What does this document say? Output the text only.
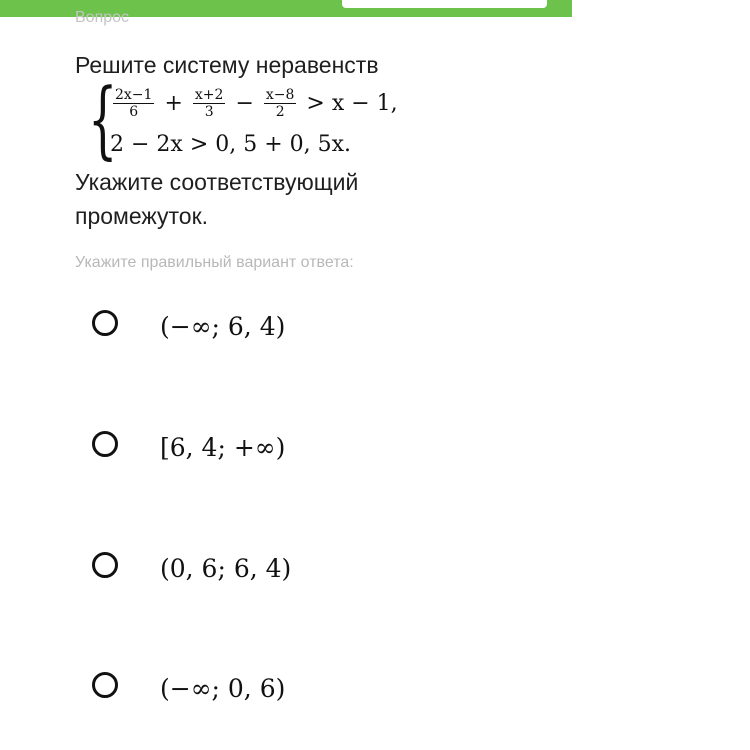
Вопрос
Решите систему неравенств
{
$\frac{2x-1}{6} + \frac{x+2}{3} - \frac{x-8}{2} > x - 1$,
2 − 2x > 0, 5 + 0, 5x.
Укажите соответствующий промежуток.
Укажите правильный вариант ответа:
(−∞; 6, 4)
[6, 4; +∞)
(0, 6; 6, 4)
(−∞; 0, 6)
